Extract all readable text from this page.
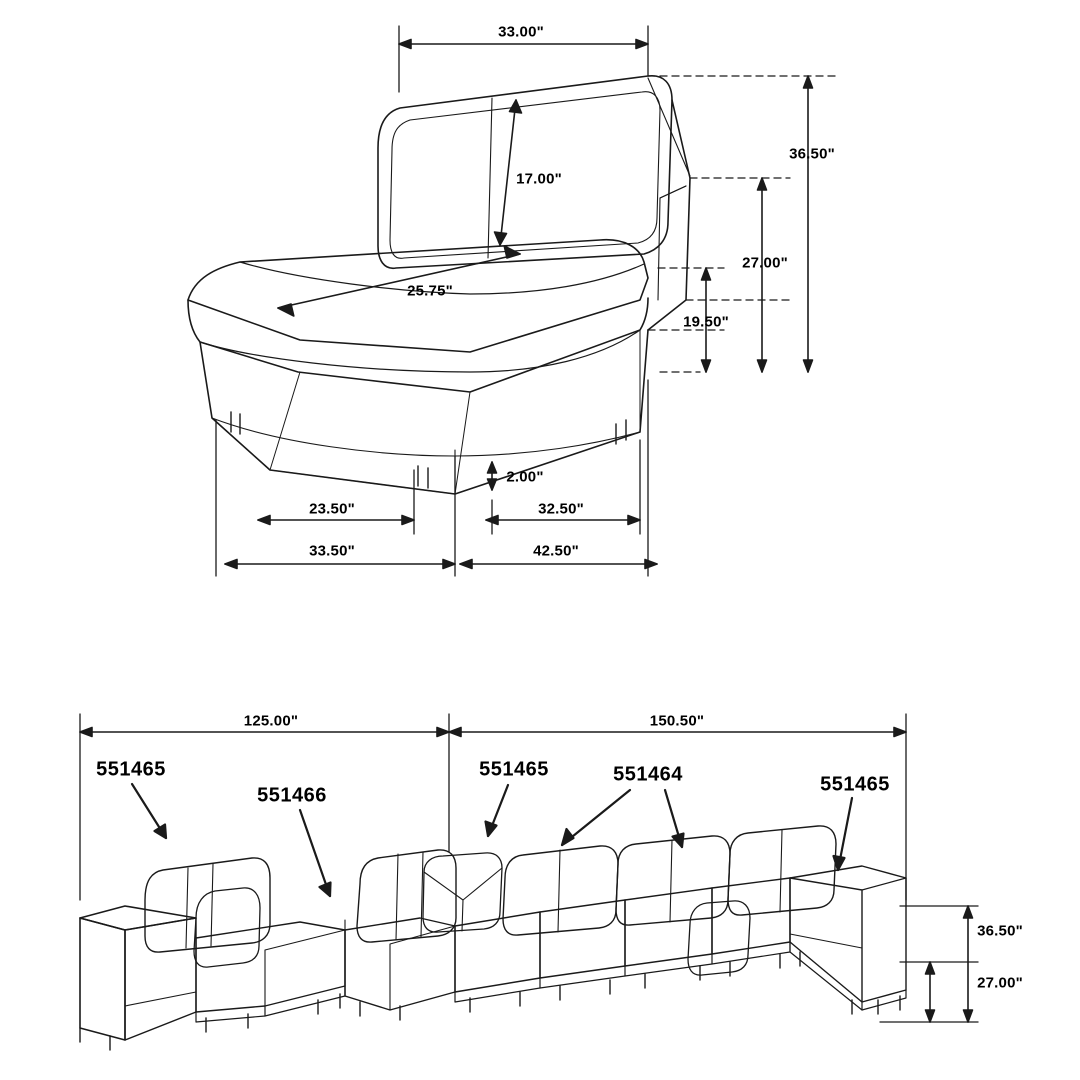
33.00"
17.00"
25.75"
36.50"
27.00"
19.50"
2.00"
23.50"	32.50"
33.50"	42.50"
125.00"	150.50"
36.50"
27.00"
551465
551466
551465	551464	551465
